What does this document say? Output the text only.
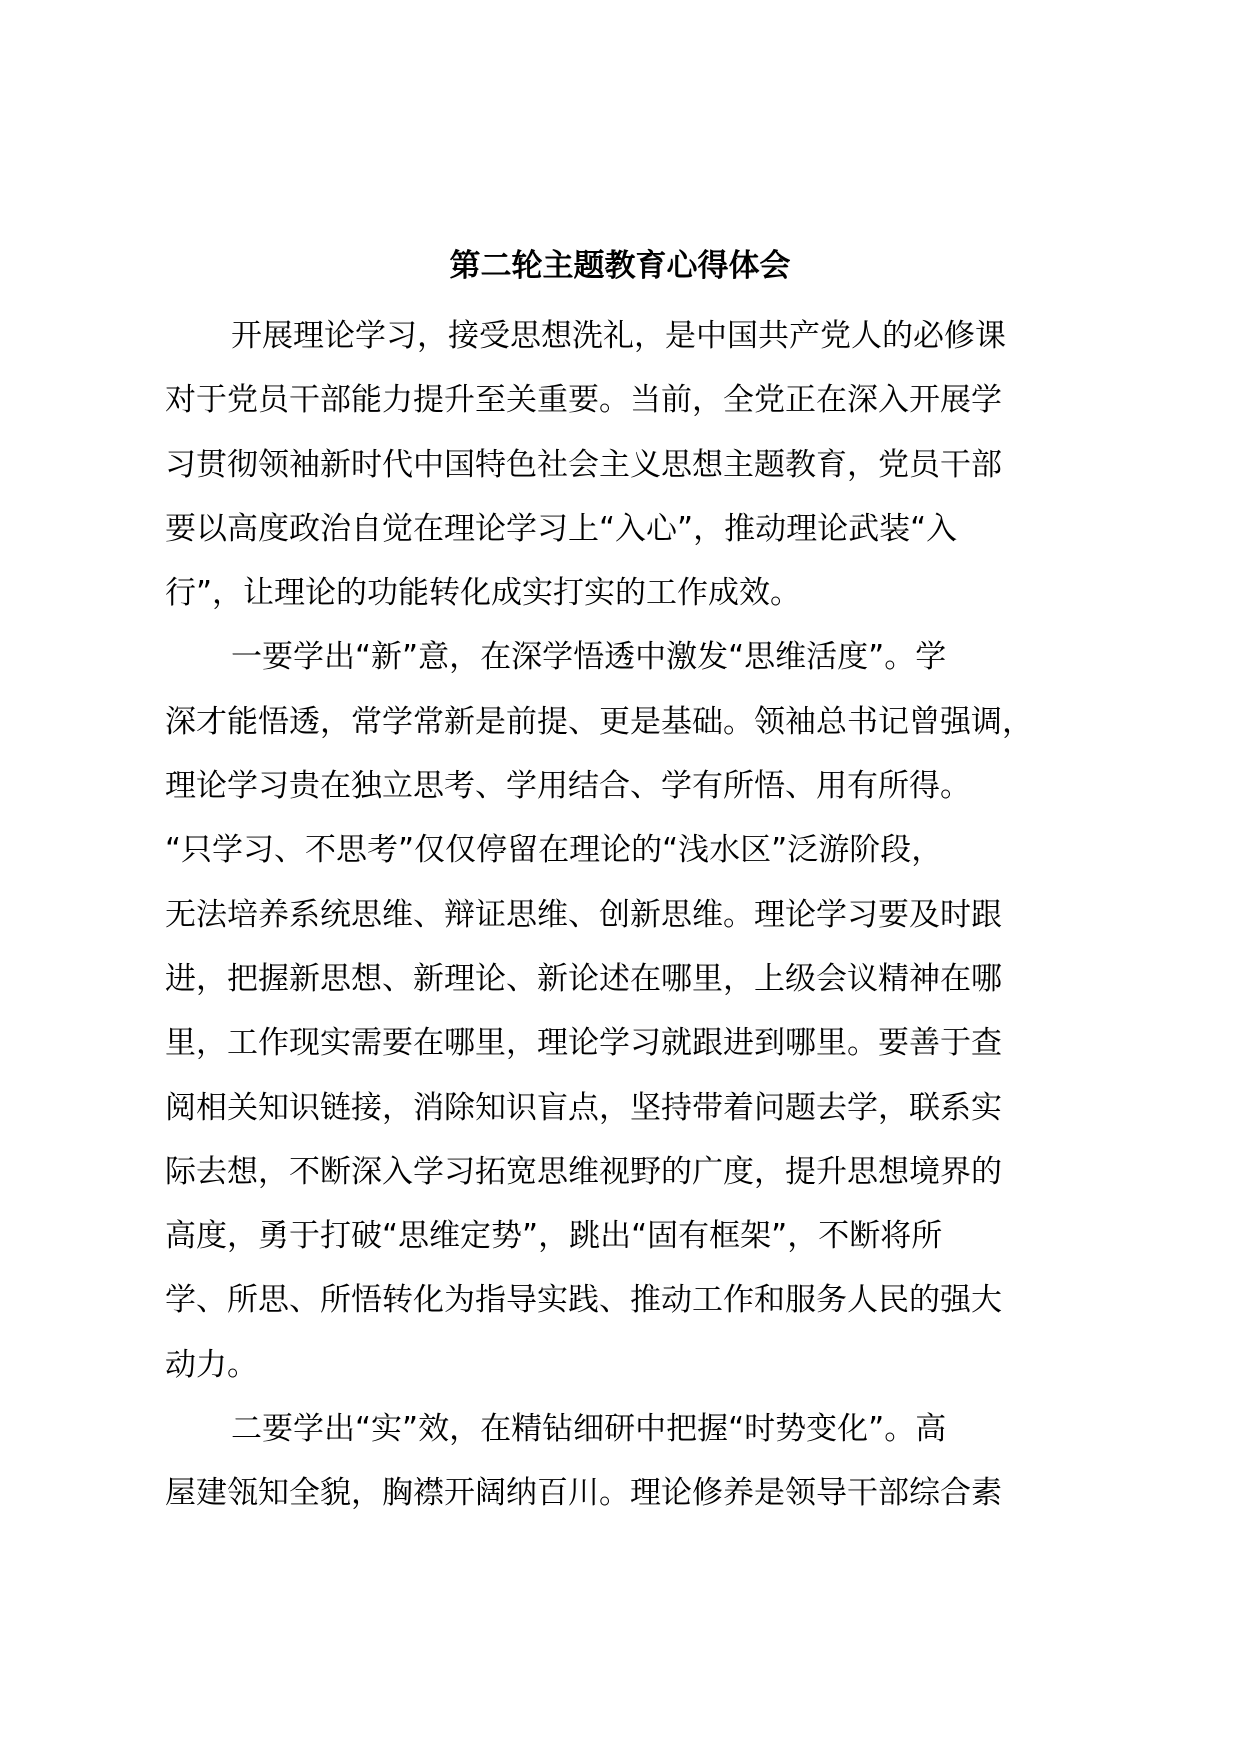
第二轮主题教育心得体会
开展理论学习，接受思想洗礼，是中国共产党人的必修课
对于党员干部能力提升至关重要。当前，全党正在深入开展学
习贯彻领袖新时代中国特色社会主义思想主题教育，党员干部
要以高度政治自觉在理论学习上“入心”，推动理论武装“入
行”，让理论的功能转化成实打实的工作成效。
一要学出“新”意，在深学悟透中激发“思维活度”。学
深才能悟透，常学常新是前提、更是基础。领袖总书记曾强调，
理论学习贵在独立思考、学用结合、学有所悟、用有所得。
“只学习、不思考”仅仅停留在理论的“浅水区”泛游阶段，
无法培养系统思维、辩证思维、创新思维。理论学习要及时跟
进，把握新思想、新理论、新论述在哪里，上级会议精神在哪
里，工作现实需要在哪里，理论学习就跟进到哪里。要善于查
阅相关知识链接，消除知识盲点，坚持带着问题去学，联系实
际去想，不断深入学习拓宽思维视野的广度，提升思想境界的
高度，勇于打破“思维定势”，跳出“固有框架”，不断将所
学、所思、所悟转化为指导实践、推动工作和服务人民的强大
动力。
二要学出“实”效，在精钻细研中把握“时势变化”。高
屋建瓴知全貌，胸襟开阔纳百川。理论修养是领导干部综合素
